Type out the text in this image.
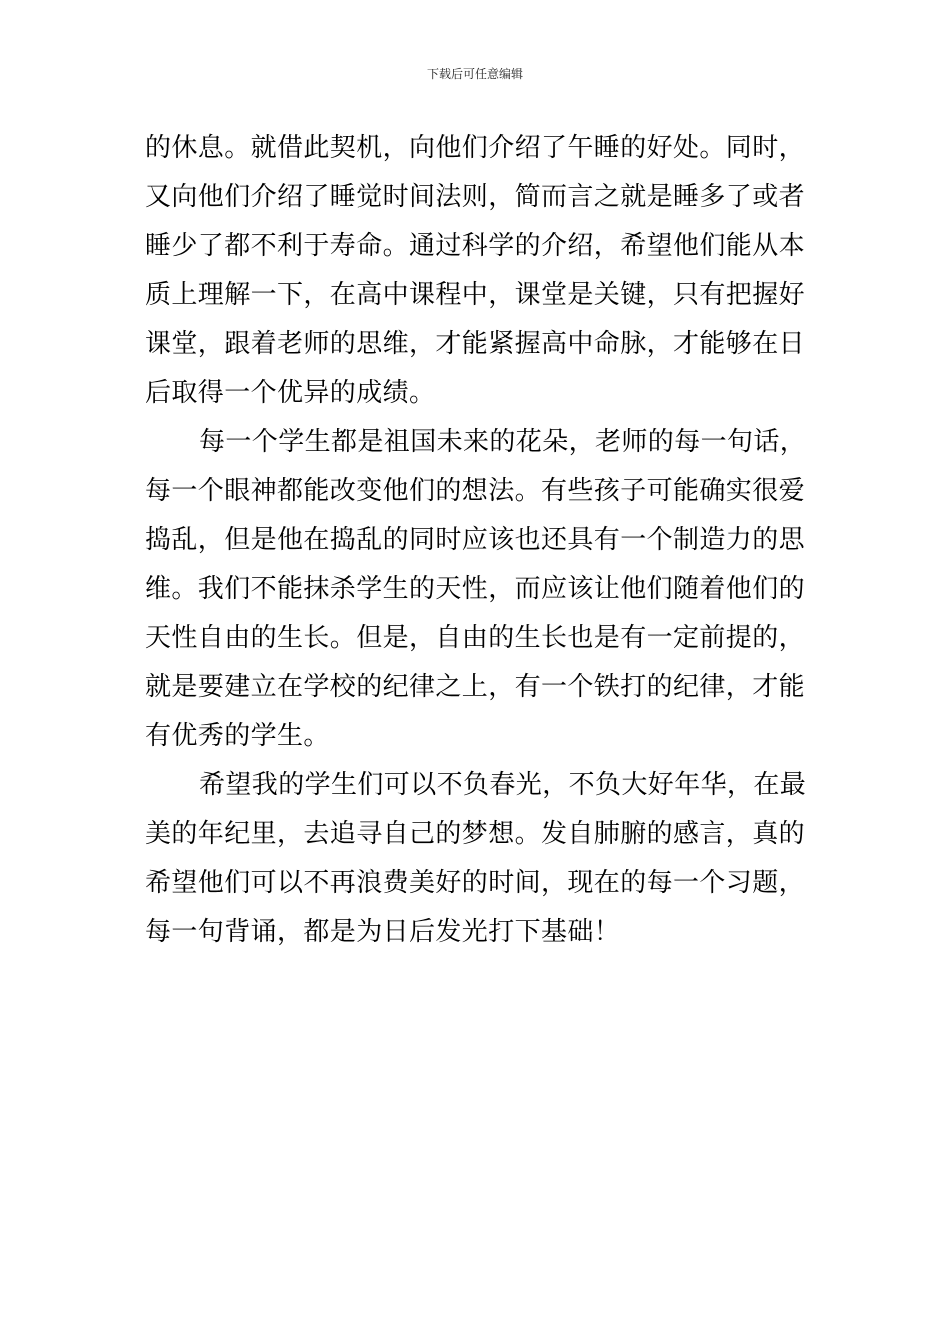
下载后可任意编辑

的休息。就借此契机，向他们介绍了午睡的好处。同时，
又向他们介绍了睡觉时间法则，简而言之就是睡多了或者
睡少了都不利于寿命。通过科学的介绍，希望他们能从本
质上理解一下，在高中课程中，课堂是关键，只有把握好
课堂，跟着老师的思维，才能紧握高中命脉，才能够在日
后取得一个优异的成绩。

每一个学生都是祖国未来的花朵，老师的每一句话，
每一个眼神都能改变他们的想法。有些孩子可能确实很爱
捣乱，但是他在捣乱的同时应该也还具有一个制造力的思
维。我们不能抹杀学生的天性，而应该让他们随着他们的
天性自由的生长。但是，自由的生长也是有一定前提的，
就是要建立在学校的纪律之上，有一个铁打的纪律，才能
有优秀的学生。

希望我的学生们可以不负春光，不负大好年华，在最
美的年纪里，去追寻自己的梦想。发自肺腑的感言，真的
希望他们可以不再浪费美好的时间，现在的每一个习题，
每一句背诵，都是为日后发光打下基础！
